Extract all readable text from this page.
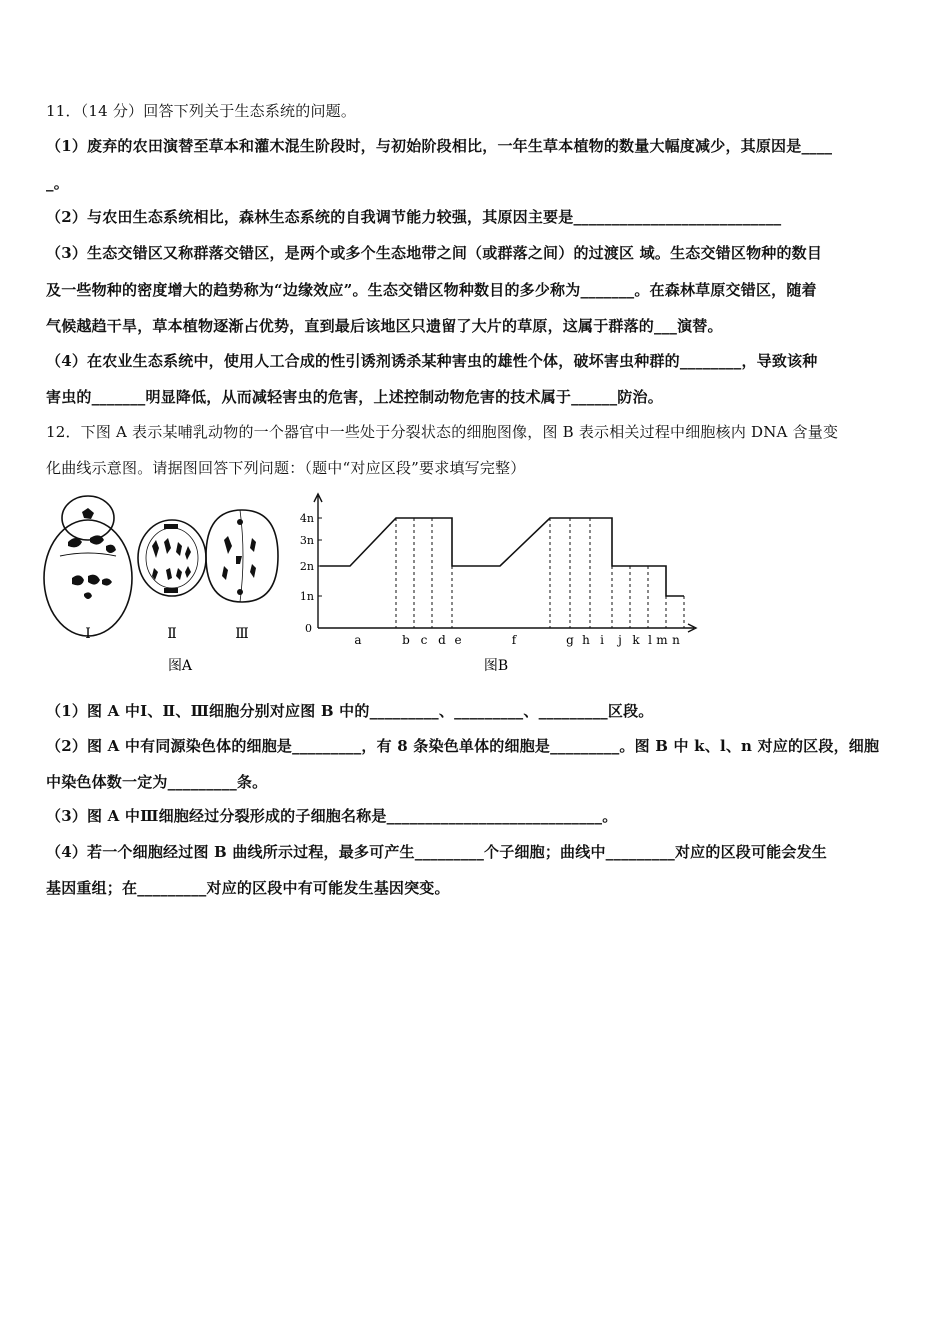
11．（14 分）回答下列关于生态系统的问题。
（1）废弃的农田演替至草本和灌木混生阶段时，与初始阶段相比，一年生草本植物的数量大幅度减少，其原因是____
_。
（2）与农田生态系统相比，森林生态系统的自我调节能力较强，其原因主要是___________________________
（3）生态交错区又称群落交错区，是两个或多个生态地带之间（或群落之间）的过渡区 域。生态交错区物种的数目
及一些物种的密度增大的趋势称为“边缘效应”。生态交错区物种数目的多少称为_______。在森林草原交错区，随着
气候越趋干旱，草本植物逐渐占优势，直到最后该地区只遗留了大片的草原，这属于群落的___演替。
（4）在农业生态系统中，使用人工合成的性引诱剂诱杀某种害虫的雄性个体，破坏害虫种群的________，导致该种
害虫的_______明显降低，从而减轻害虫的危害，上述控制动物危害的技术属于______防治。
12．下图 A 表示某哺乳动物的一个器官中一些处于分裂状态的细胞图像，图 B 表示相关过程中细胞核内 DNA 含量变
化曲线示意图。请据图回答下列问题：（题中“对应区段”要求填写完整）
Ⅰ	Ⅱ	Ⅲ
图A
4n
3n
2n
1n
0
a	b c d e	f	g h i j k l m n
图B
（1）图 A 中Ⅰ、Ⅱ、Ⅲ细胞分别对应图 B 中的_________、_________、_________区段。
（2）图 A 中有同源染色体的细胞是_________，有 8 条染色单体的细胞是_________。图 B 中 k、l、n 对应的区段，细胞
中染色体数一定为_________条。
（3）图 A 中Ⅲ细胞经过分裂形成的子细胞名称是____________________________。
（4）若一个细胞经过图 B 曲线所示过程，最多可产生_________个子细胞；曲线中_________对应的区段可能会发生
基因重组；在_________对应的区段中有可能发生基因突变。
